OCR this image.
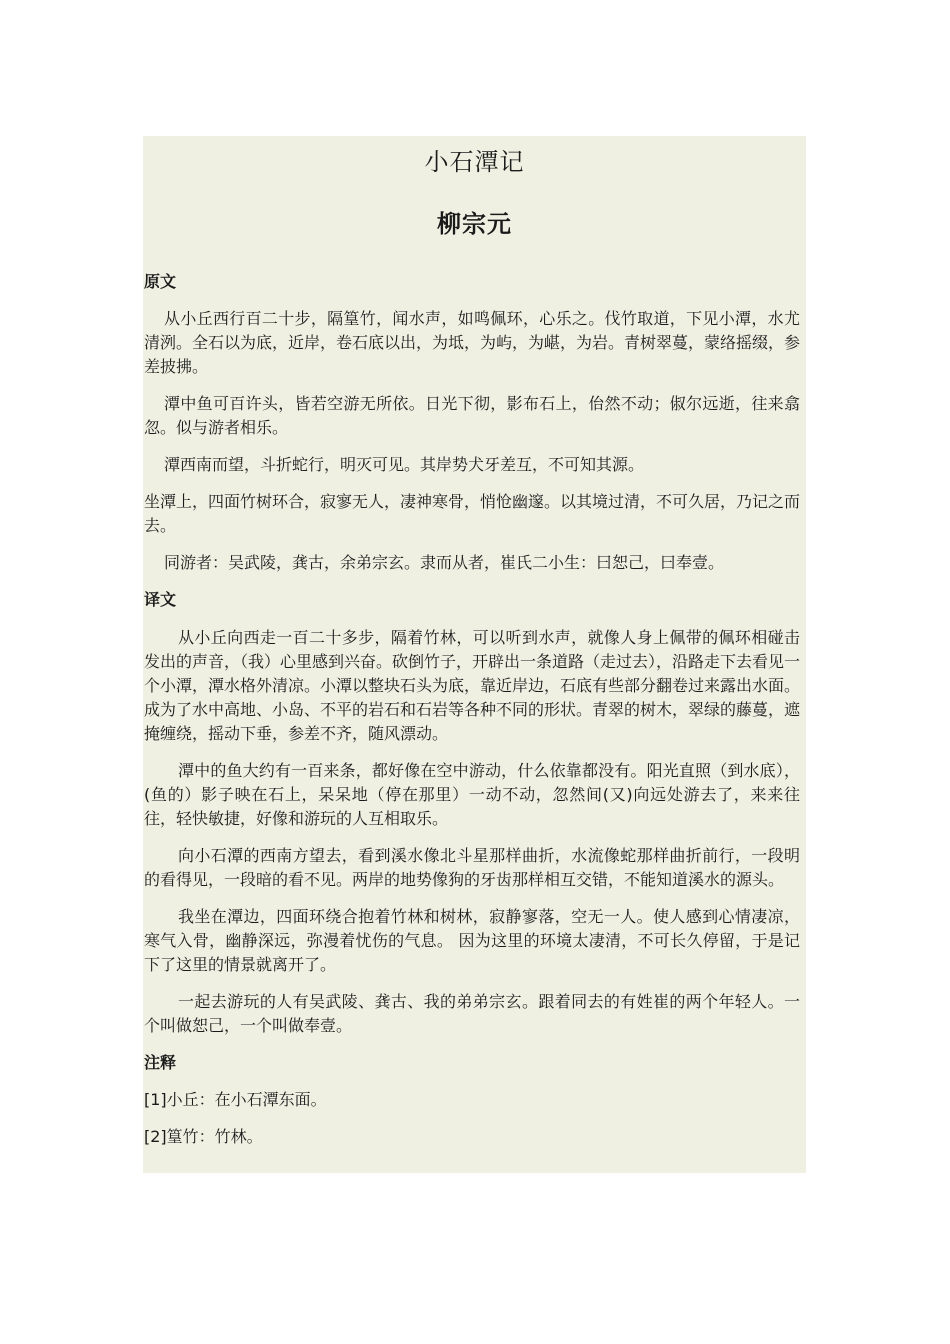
小石潭记
柳宗元

原文

从小丘西行百二十步，隔篁竹，闻水声，如鸣佩环，心乐之。伐竹取道，下见小潭，水尤清洌。全石以为底，近岸，卷石底以出，为坻，为屿，为嵁，为岩。青树翠蔓，蒙络摇缀，参差披拂。

潭中鱼可百许头，皆若空游无所依。日光下彻，影布石上，佁然不动；俶尔远逝，往来翕忽。似与游者相乐。

潭西南而望，斗折蛇行，明灭可见。其岸势犬牙差互，不可知其源。

坐潭上，四面竹树环合，寂寥无人，凄神寒骨，悄怆幽邃。以其境过清，不可久居，乃记之而去。

同游者：吴武陵，龚古，余弟宗玄。隶而从者，崔氏二小生：曰恕己，曰奉壹。

译文

从小丘向西走一百二十多步，隔着竹林，可以听到水声，就像人身上佩带的佩环相碰击发出的声音，（我）心里感到兴奋。砍倒竹子，开辟出一条道路（走过去），沿路走下去看见一个小潭，潭水格外清凉。小潭以整块石头为底，靠近岸边，石底有些部分翻卷过来露出水面。成为了水中高地、小岛、不平的岩石和石岩等各种不同的形状。青翠的树木，翠绿的藤蔓，遮掩缠绕，摇动下垂，参差不齐，随风漂动。

潭中的鱼大约有一百来条，都好像在空中游动，什么依靠都没有。阳光直照（到水底），(鱼的）影子映在石上，呆呆地（停在那里）一动不动，忽然间(又)向远处游去了，来来往往，轻快敏捷，好像和游玩的人互相取乐。

向小石潭的西南方望去，看到溪水像北斗星那样曲折，水流像蛇那样曲折前行，一段明的看得见，一段暗的看不见。两岸的地势像狗的牙齿那样相互交错，不能知道溪水的源头。

我坐在潭边，四面环绕合抱着竹林和树林，寂静寥落，空无一人。使人感到心情凄凉，寒气入骨，幽静深远，弥漫着忧伤的气息。 因为这里的环境太凄清，不可长久停留，于是记下了这里的情景就离开了。

一起去游玩的人有吴武陵、龚古、我的弟弟宗玄。跟着同去的有姓崔的两个年轻人。一个叫做恕己，一个叫做奉壹。

注释

[1]小丘：在小石潭东面。

[2]篁竹：竹林。
